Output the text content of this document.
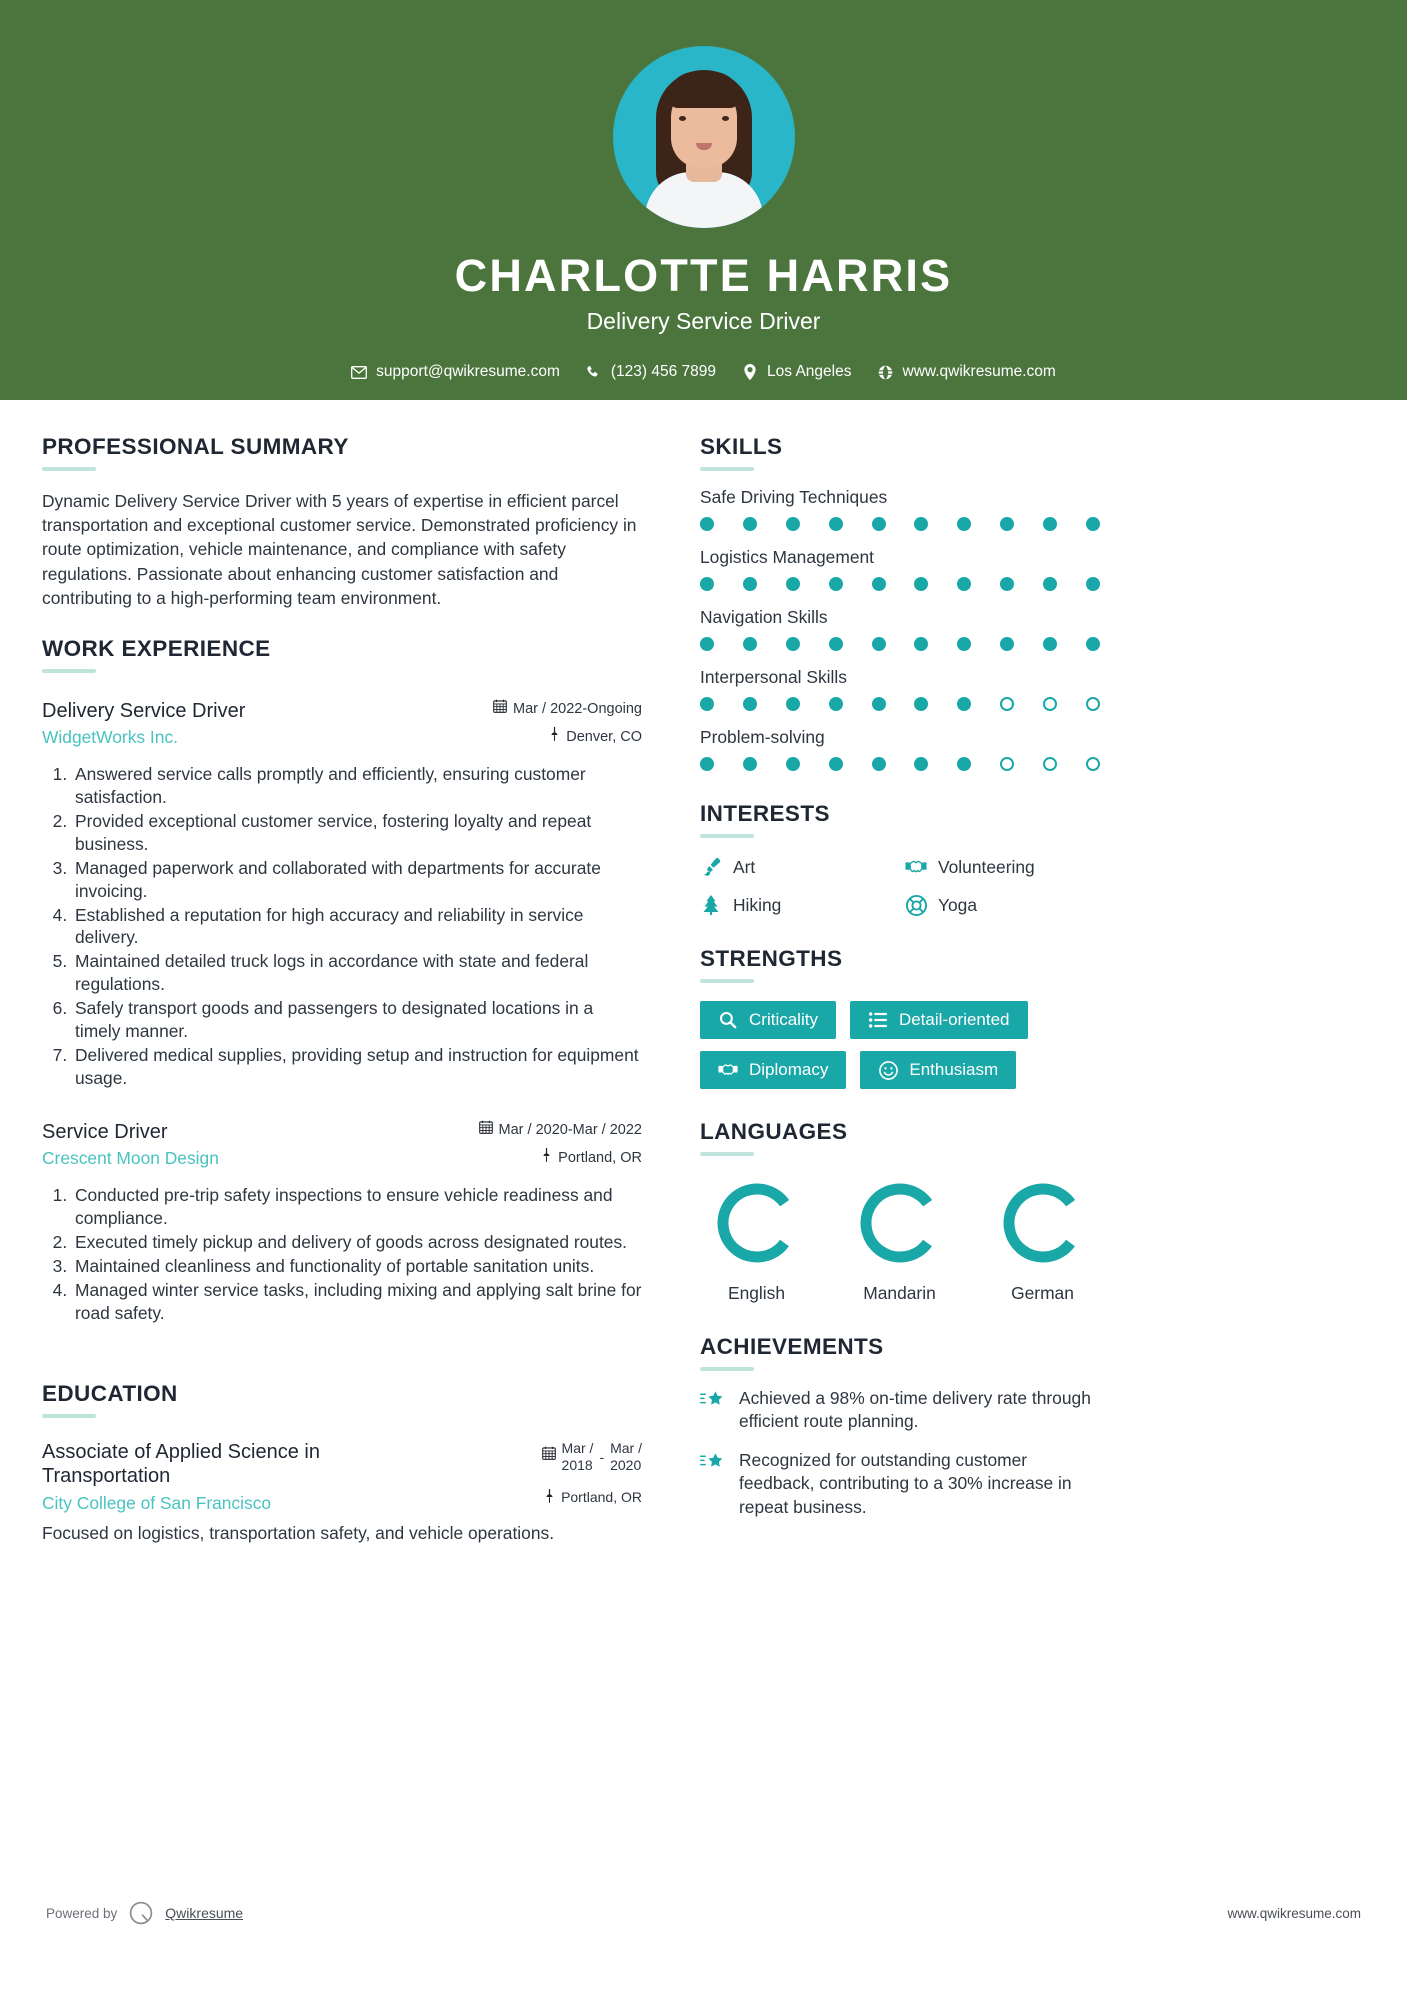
CHARLOTTE HARRIS
Delivery Service Driver
support@qwikresume.com	(123) 456 7899	Los Angeles	www.qwikresume.com
PROFESSIONAL SUMMARY
Dynamic Delivery Service Driver with 5 years of expertise in efficient parcel transportation and exceptional customer service. Demonstrated proficiency in route optimization, vehicle maintenance, and compliance with safety regulations. Passionate about enhancing customer satisfaction and contributing to a high-performing team environment.
WORK EXPERIENCE
Delivery Service Driver	Mar / 2022-Ongoing
WidgetWorks Inc.	Denver, CO
1. Answered service calls promptly and efficiently, ensuring customer satisfaction.
2. Provided exceptional customer service, fostering loyalty and repeat business.
3. Managed paperwork and collaborated with departments for accurate invoicing.
4. Established a reputation for high accuracy and reliability in service delivery.
5. Maintained detailed truck logs in accordance with state and federal regulations.
6. Safely transport goods and passengers to designated locations in a timely manner.
7. Delivered medical supplies, providing setup and instruction for equipment usage.
Service Driver	Mar / 2020-Mar / 2022
Crescent Moon Design	Portland, OR
1. Conducted pre-trip safety inspections to ensure vehicle readiness and compliance.
2. Executed timely pickup and delivery of goods across designated routes.
3. Maintained cleanliness and functionality of portable sanitation units.
4. Managed winter service tasks, including mixing and applying salt brine for road safety.
EDUCATION
Associate of Applied Science in Transportation
Mar /
2018 -
Mar /
2020
City College of San Francisco	Portland, OR
Focused on logistics, transportation safety, and vehicle operations.
SKILLS
Safe Driving Techniques
Logistics Management
Navigation Skills
Interpersonal Skills
Problem-solving
INTERESTS
Art	Volunteering
Hiking	Yoga
STRENGTHS
Criticality	Detail-oriented
Diplomacy	Enthusiasm
LANGUAGES
English	Mandarin	German
ACHIEVEMENTS
Achieved a 98% on-time delivery rate through efficient route planning.
Recognized for outstanding customer feedback, contributing to a 30% increase in repeat business.
Powered by	Qwikresume	www.qwikresume.com
